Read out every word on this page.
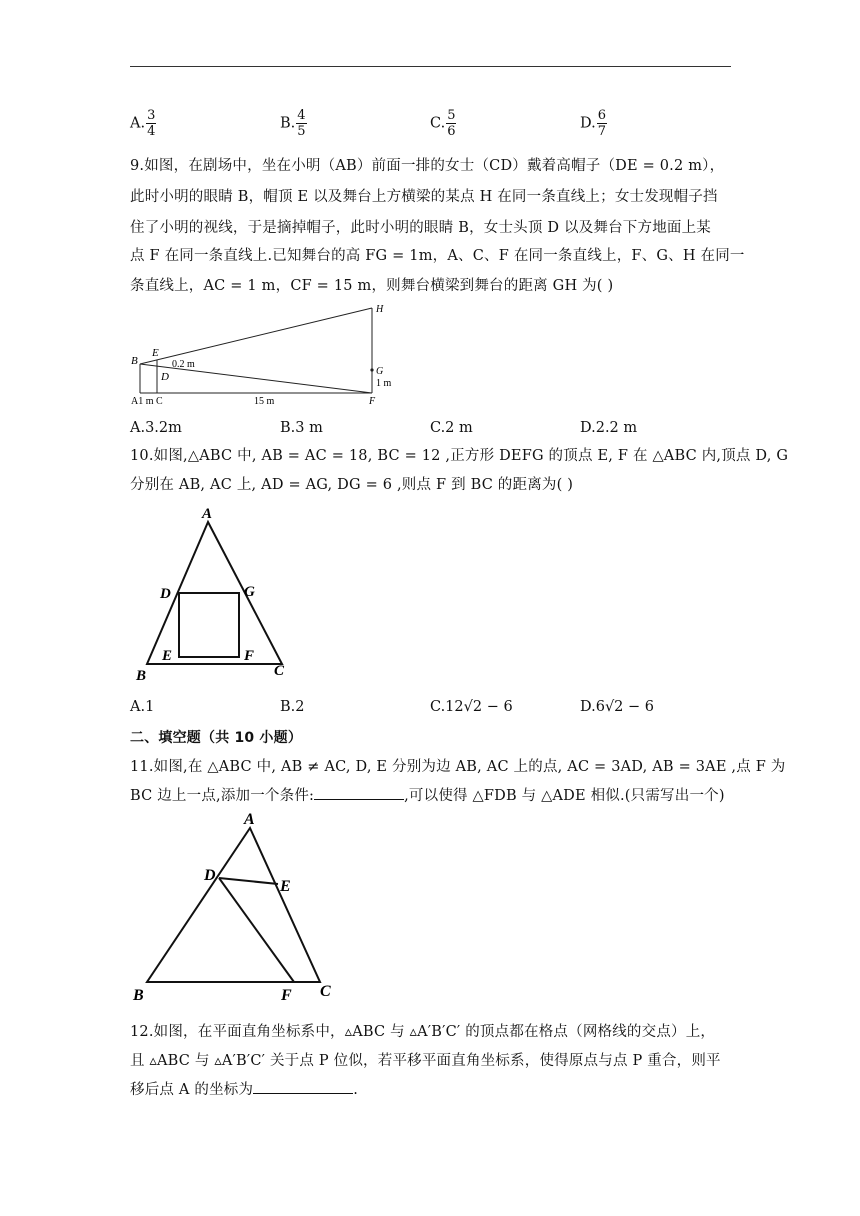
A. $\frac{3}{4}$	B. $\frac{4}{5}$	C. $\frac{5}{6}$	D. $\frac{6}{7}$
9.如图，在剧场中，坐在小明（AB）前面一排的女士（CD）戴着高帽子（DE = 0.2 m），
此时小明的眼睛 B，帽顶 E 以及舞台上方横梁的某点 H 在同一条直线上；女士发现帽子挡
住了小明的视线，于是摘掉帽子，此时小明的眼睛 B，女士头顶 D 以及舞台下方地面上某
点 F 在同一条直线上.已知舞台的高 FG = 1m，A、C、F 在同一条直线上，F、G、H 在同一
条直线上，AC = 1 m，CF = 15 m，则舞台横梁到舞台的距离 GH 为( )
B
E
D
0.2 m
A1 m C	15 m
H
G
1 m
F
A.3.2m	B.3 m	C.2 m	D.2.2 m
10.如图,△ABC 中, AB = AC = 18, BC = 12 ,正方形 DEFG 的顶点 E, F 在 △ABC 内,顶点 D, G
分别在 AB, AC 上, AD = AG, DG = 6 ,则点 F 到 BC 的距离为( )
A
D	G
E	F
B	C
A.1	B.2	C.12√2 − 6	D.6√2 − 6
二、填空题（共 10 小题）
11.如图,在 △ABC 中, AB ≠ AC, D, E 分别为边 AB, AC 上的点, AC = 3AD, AB = 3AE ,点 F 为
BC 边上一点,添加一个条件:	,可以使得 △FDB 与 △ADE 相似.(只需写出一个)
A
D
E
B	F C
12.如图，在平面直角坐标系中，▵ABC 与 ▵A′B′C′ 的顶点都在格点（网格线的交点）上，
且 ▵ABC 与 ▵A′B′C′ 关于点 P 位似，若平移平面直角坐标系，使得原点与点 P 重合，则平
移后点 A 的坐标为	.
